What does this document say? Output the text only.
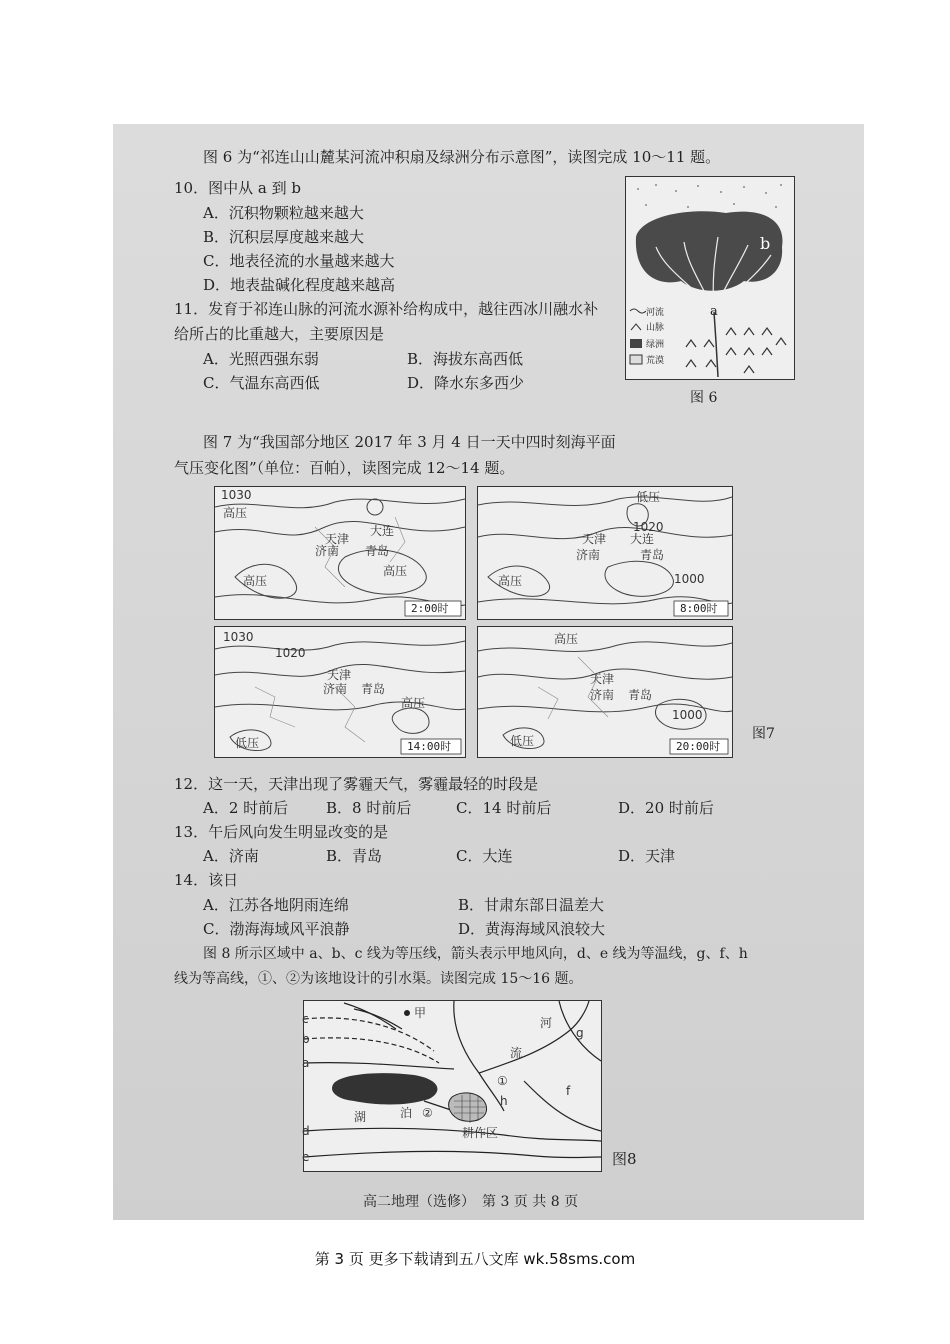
图 6 为“祁连山山麓某河流冲积扇及绿洲分布示意图”，读图完成 10～11 题。
10．图中从 a 到 b
A．沉积物颗粒越来越大
B．沉积层厚度越来越大
C．地表径流的水量越来越大
D．地表盐碱化程度越来越高
11．发育于祁连山脉的河流水源补给构成中，越往西冰川融水补
给所占的比重越大，主要原因是
A．光照西强东弱	B．海拔东高西低
C．气温东高西低	D．降水东多西少
a
b
河流
山脉
绿洲
荒漠
图 6
图 7 为“我国部分地区 2017 年 3 月 4 日一天中四时刻海平面
气压变化图”（单位：百帕），读图完成 12～14 题。
1030
高压
大连
天津
济南 青岛
高压
高压
2:00时
低压
1020
大连
天津
济南	青岛
高压	1000
8:00时
1030
1020
天津
济南 青岛
高压
低压	14:00时
高压
天津
济南 青岛
1000
低压	20:00时
图7
12．这一天，天津出现了雾霾天气，雾霾最轻的时段是
A．2 时前后	B．8 时前后	C．14 时前后	D．20 时前后
13．午后风向发生明显改变的是
A．济南	B．青岛	C．大连	D．天津
14．该日
A．江苏各地阴雨连绵	B．甘肃东部日温差大
C．渤海海域风平浪静	D．黄海海域风浪较大
图 8 所示区域中 a、b、c 线为等压线，箭头表示甲地风向，d、e 线为等温线，g、f、h
线为等高线，①、②为该地设计的引水渠。读图完成 15～16 题。
c
b
a
d
e
甲
河
流
g
f
h
①
②
湖	泊
耕作区
图8
高二地理（选修）　第 3 页 共 8 页
第 3 页 更多下载请到五八文库 wk.58sms.com
